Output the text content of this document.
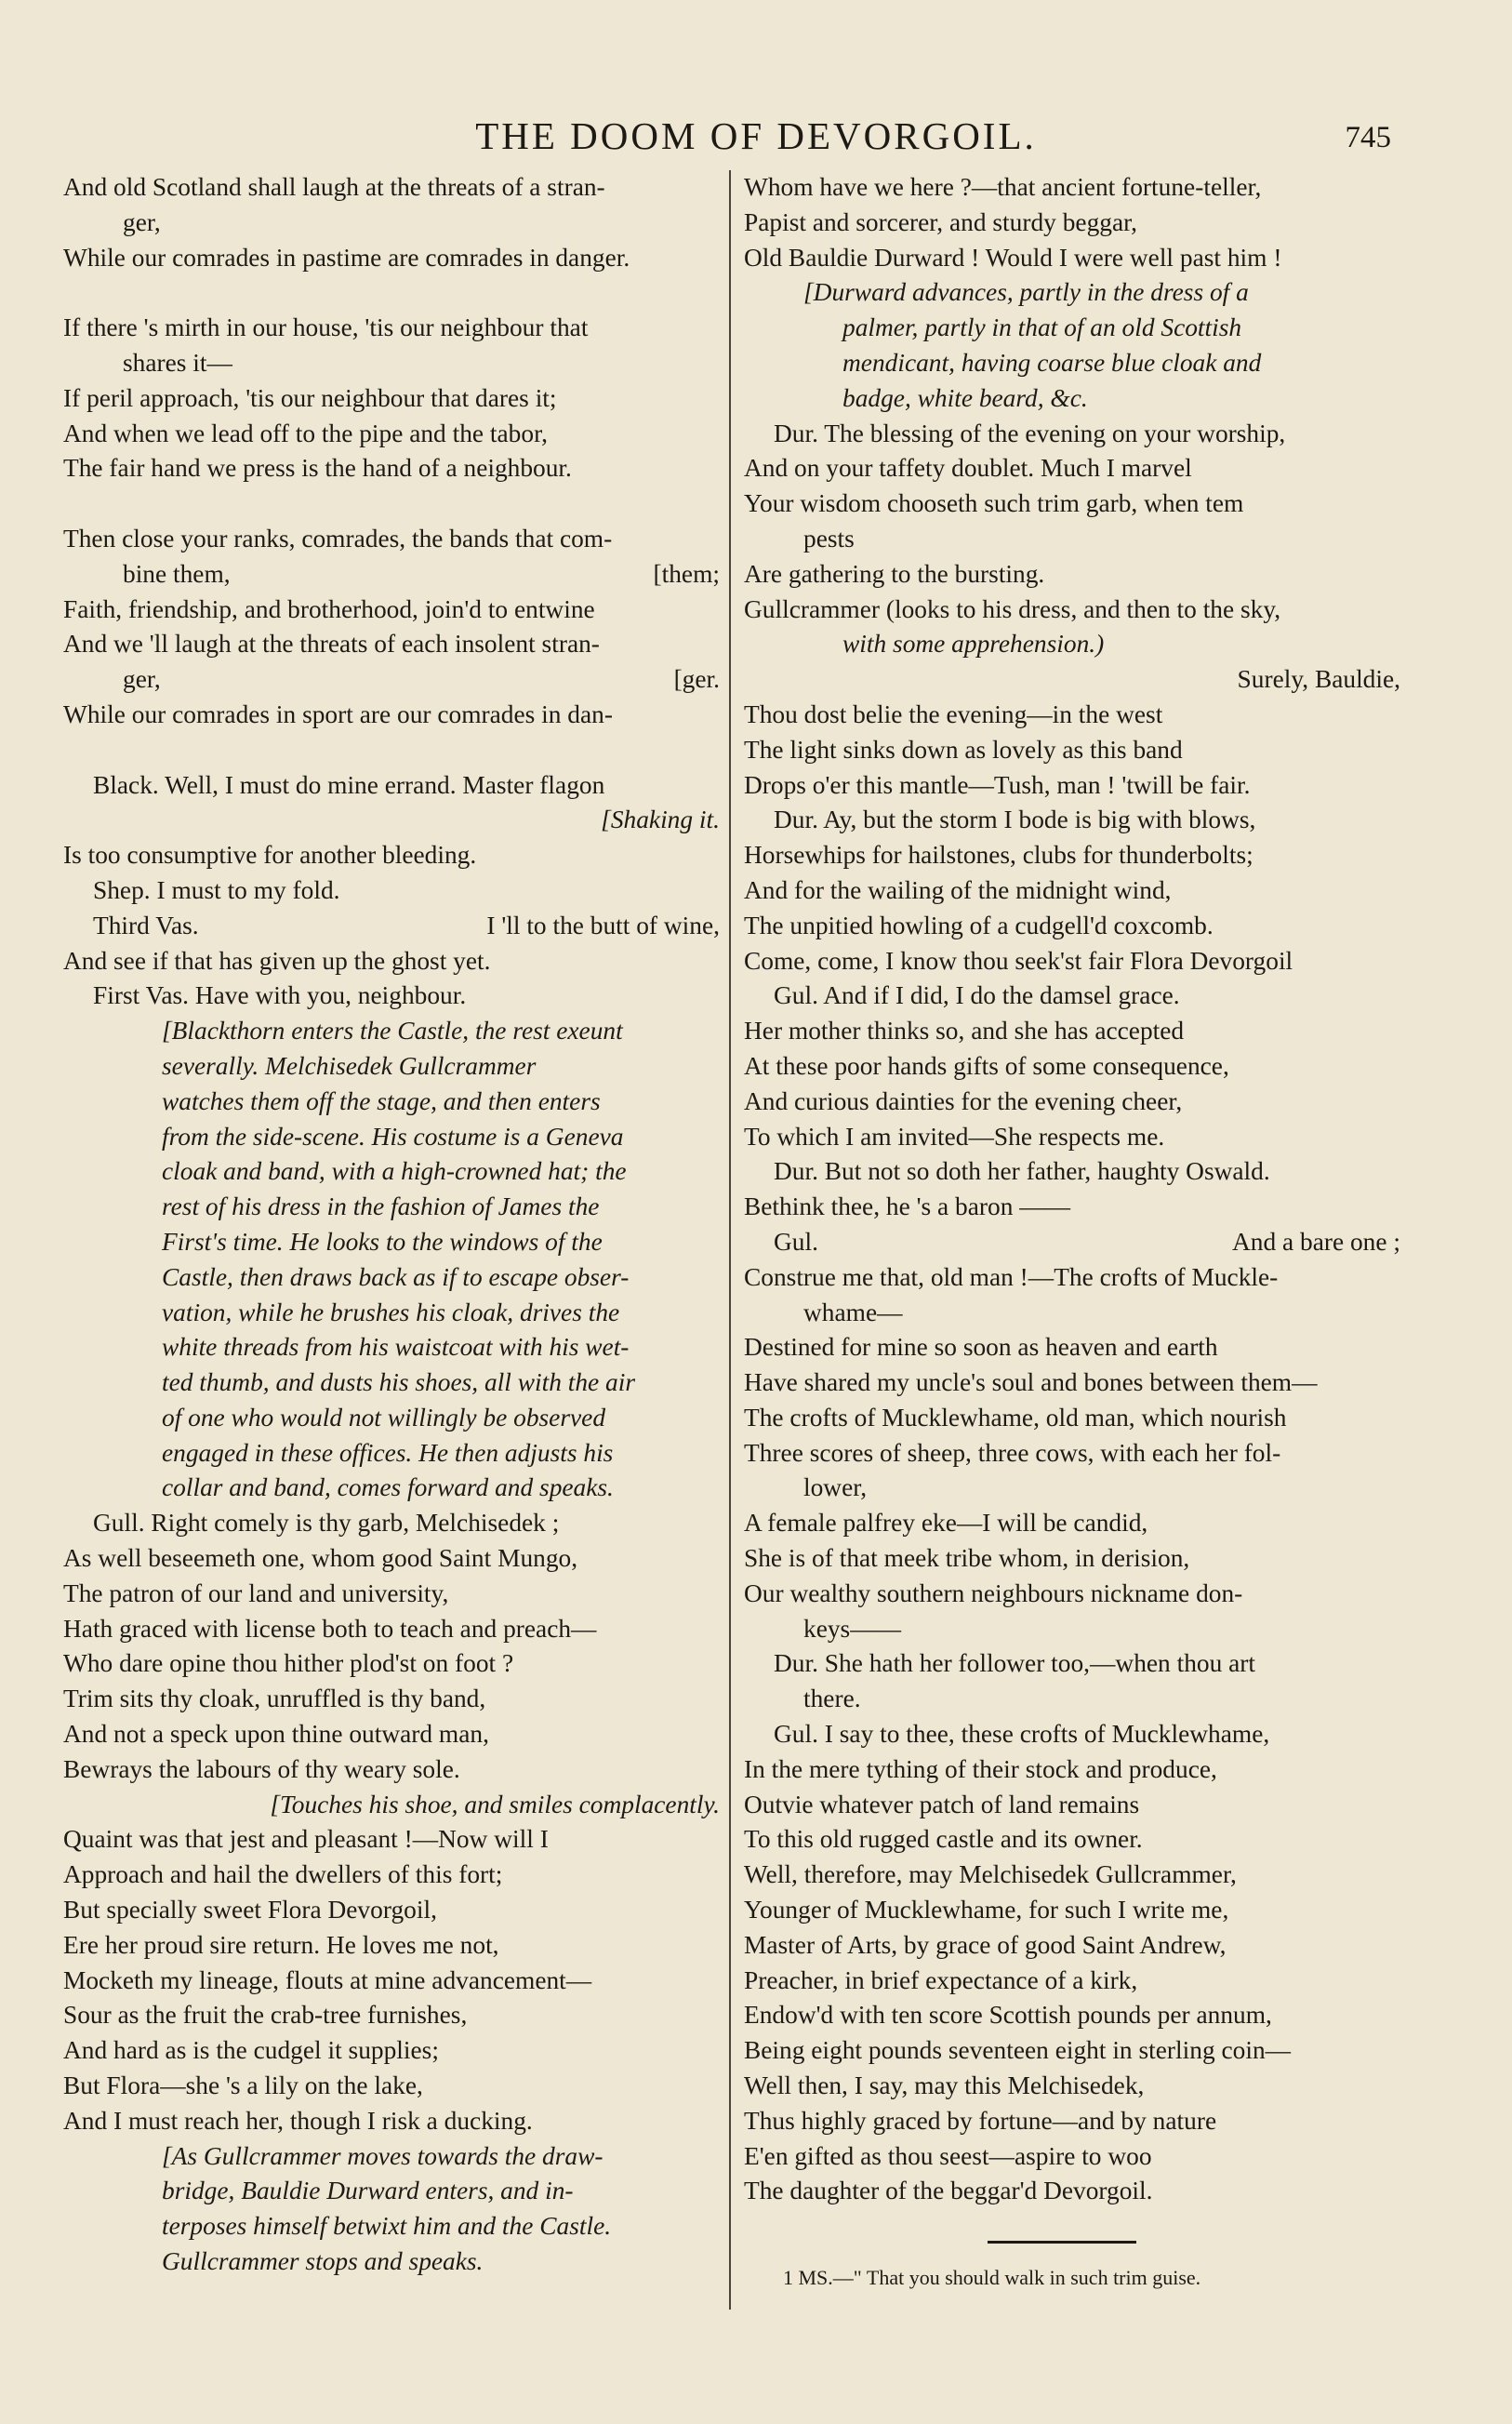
THE DOOM OF DEVORGOIL.	745
And old Scotland shall laugh at the threats of a stran-
ger,
While our comrades in pastime are comrades in danger.
If there 's mirth in our house, 'tis our neighbour that
shares it—
If peril approach, 'tis our neighbour that dares it;
And when we lead off to the pipe and the tabor,
The fair hand we press is the hand of a neighbour.
Then close your ranks, comrades, the bands that com-
bine them,	[them;
Faith, friendship, and brotherhood, join'd to entwine
And we 'll laugh at the threats of each insolent stran-
ger,	[ger.
While our comrades in sport are our comrades in dan-
Black. Well, I must do mine errand. Master flagon
[Shaking it.
Is too consumptive for another bleeding.
Shep. I must to my fold.
Third Vas.	I 'll to the butt of wine,
And see if that has given up the ghost yet.
First Vas. Have with you, neighbour.
[Blackthorn enters the Castle, the rest exeunt
severally. Melchisedek Gullcrammer
watches them off the stage, and then enters
from the side-scene. His costume is a Geneva
cloak and band, with a high-crowned hat; the
rest of his dress in the fashion of James the
First's time. He looks to the windows of the
Castle, then draws back as if to escape obser-
vation, while he brushes his cloak, drives the
white threads from his waistcoat with his wet-
ted thumb, and dusts his shoes, all with the air
of one who would not willingly be observed
engaged in these offices. He then adjusts his
collar and band, comes forward and speaks.
Gull. Right comely is thy garb, Melchisedek ;
As well beseemeth one, whom good Saint Mungo,
The patron of our land and university,
Hath graced with license both to teach and preach—
Who dare opine thou hither plod'st on foot ?
Trim sits thy cloak, unruffled is thy band,
And not a speck upon thine outward man,
Bewrays the labours of thy weary sole.
[Touches his shoe, and smiles complacently.
Quaint was that jest and pleasant !—Now will I
Approach and hail the dwellers of this fort;
But specially sweet Flora Devorgoil,
Ere her proud sire return. He loves me not,
Mocketh my lineage, flouts at mine advancement—
Sour as the fruit the crab-tree furnishes,
And hard as is the cudgel it supplies;
But Flora—she 's a lily on the lake,
And I must reach her, though I risk a ducking.
[As Gullcrammer moves towards the draw-
bridge, Bauldie Durward enters, and in-
terposes himself betwixt him and the Castle.
Gullcrammer stops and speaks.
Whom have we here ?—that ancient fortune-teller,
Papist and sorcerer, and sturdy beggar,
Old Bauldie Durward ! Would I were well past him !
[Durward advances, partly in the dress of a
palmer, partly in that of an old Scottish
mendicant, having coarse blue cloak and
badge, white beard, &c.
Dur. The blessing of the evening on your worship,
And on your taffety doublet. Much I marvel
Your wisdom chooseth such trim garb, when tem
pests
Are gathering to the bursting.
Gullcrammer (looks to his dress, and then to the sky,
with some apprehension.)
Surely, Bauldie,
Thou dost belie the evening—in the west
The light sinks down as lovely as this band
Drops o'er this mantle—Tush, man ! 'twill be fair.
Dur. Ay, but the storm I bode is big with blows,
Horsewhips for hailstones, clubs for thunderbolts;
And for the wailing of the midnight wind,
The unpitied howling of a cudgell'd coxcomb.
Come, come, I know thou seek'st fair Flora Devorgoil
Gul. And if I did, I do the damsel grace.
Her mother thinks so, and she has accepted
At these poor hands gifts of some consequence,
And curious dainties for the evening cheer,
To which I am invited—She respects me.
Dur. But not so doth her father, haughty Oswald.
Bethink thee, he 's a baron ——
Gul.	And a bare one ;
Construe me that, old man !—The crofts of Muckle-
whame—
Destined for mine so soon as heaven and earth
Have shared my uncle's soul and bones between them—
The crofts of Mucklewhame, old man, which nourish
Three scores of sheep, three cows, with each her fol-
lower,
A female palfrey eke—I will be candid,
She is of that meek tribe whom, in derision,
Our wealthy southern neighbours nickname don-
keys——
Dur. She hath her follower too,—when thou art
there.
Gul. I say to thee, these crofts of Mucklewhame,
In the mere tything of their stock and produce,
Outvie whatever patch of land remains
To this old rugged castle and its owner.
Well, therefore, may Melchisedek Gullcrammer,
Younger of Mucklewhame, for such I write me,
Master of Arts, by grace of good Saint Andrew,
Preacher, in brief expectance of a kirk,
Endow'd with ten score Scottish pounds per annum,
Being eight pounds seventeen eight in sterling coin—
Well then, I say, may this Melchisedek,
Thus highly graced by fortune—and by nature
E'en gifted as thou seest—aspire to woo
The daughter of the beggar'd Devorgoil.
1 MS.—" That you should walk in such trim guise.
